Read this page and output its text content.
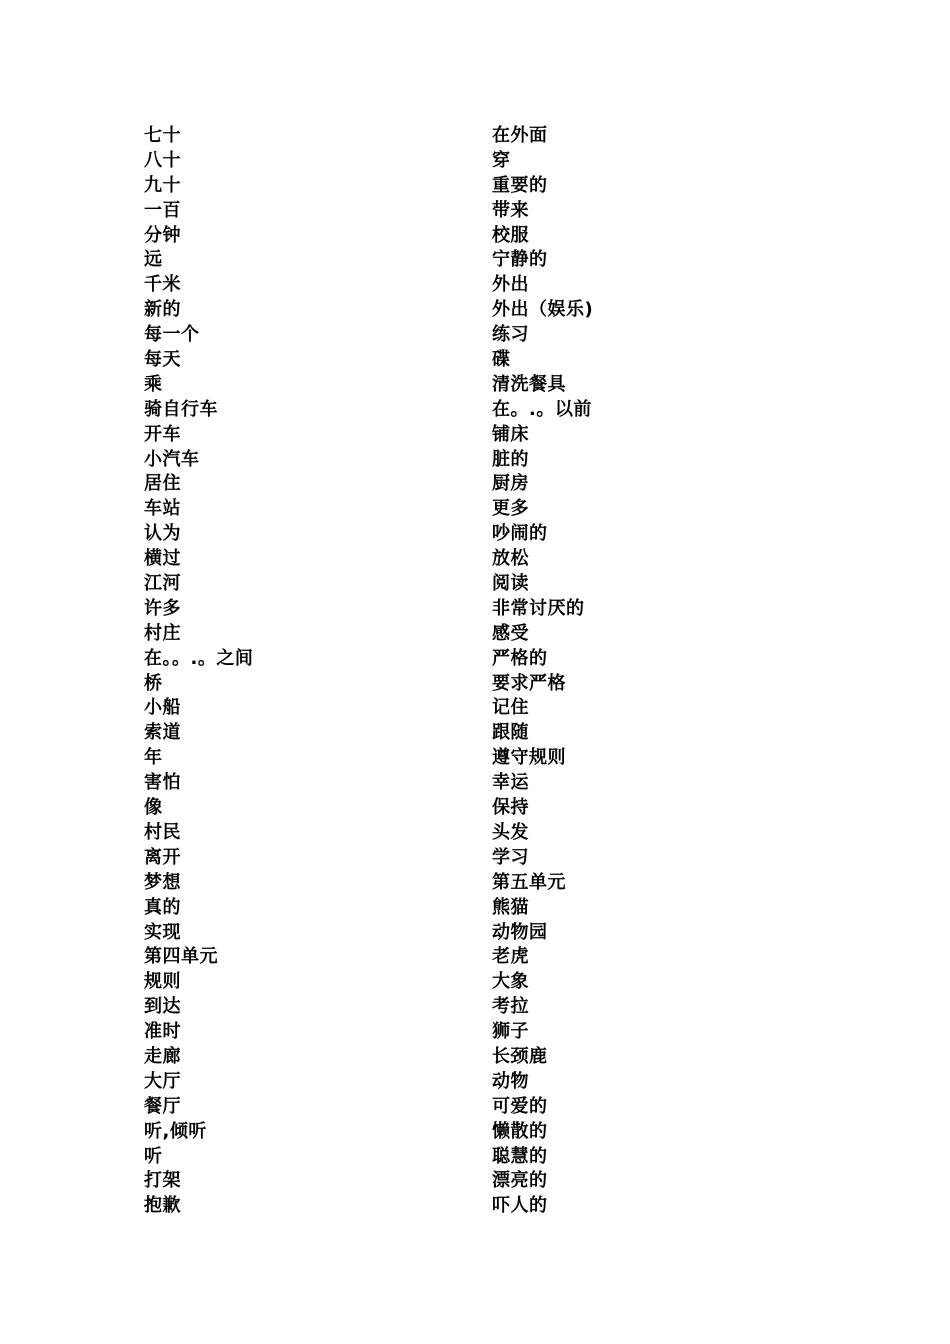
七十
八十
九十
一百
分钟
远
千米
新的
每一个
每天
乘
骑自行车
开车
小汽车
居住
车站
认为
横过
江河
许多
村庄
在。。.。之间
桥
小船
索道
年
害怕
像
村民
离开
梦想
真的
实现
第四单元
规则
到达
准时
走廊
大厅
餐厅
听,倾听
听
打架
抱歉
在外面
穿
重要的
带来
校服
宁静的
外出
外出（娱乐)
练习
碟
清洗餐具
在。.。以前
铺床
脏的
厨房
更多
吵闹的
放松
阅读
非常讨厌的
感受
严格的
要求严格
记住
跟随
遵守规则
幸运
保持
头发
学习
第五单元
熊猫
动物园
老虎
大象
考拉
狮子
长颈鹿
动物
可爱的
懒散的
聪慧的
漂亮的
吓人的
